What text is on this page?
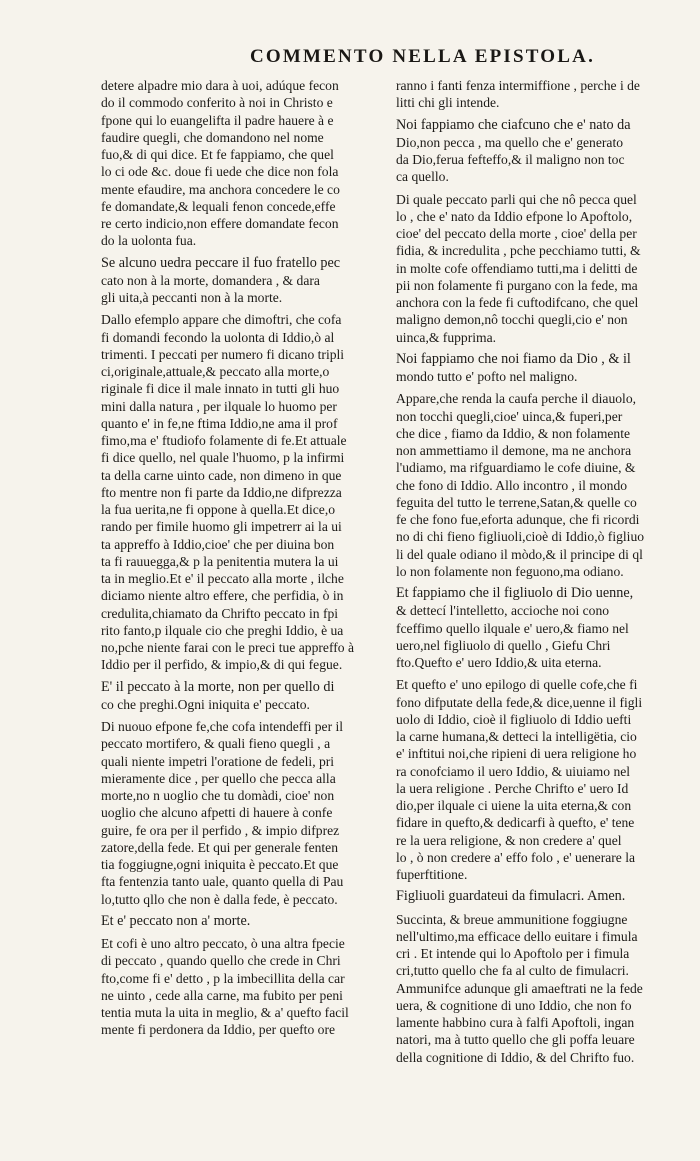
COMMENTO NELLA EPISTOLA.
detere alpadre mio dara à uoi, adúque fecon
do il commodo conferito à noi in Christo e
fpone qui lo euangelifta il padre hauere à e
faudire quegli, che domandono nel nome
fuo,& di qui dice. Et fe fappiamo, che quel
lo ci ode &c. doue fi uede che dice non fola
mente efaudire, ma anchora concedere le co
fe domandate,& lequali fenon concede,effe
re certo indicio,non effere domandate fecon
do la uolonta fua.
Se alcuno uedra peccare il fuo fratello pec
cato non à la morte, domandera , & dara
gli uita,à peccanti non à la morte.
Dallo efemplo appare che dimoftri, che cofa
fi domandi fecondo la uolonta di Iddio,ò al
trimenti. I peccati per numero fi dicano tripli
ci,originale,attuale,& peccato alla morte,o
riginale fi dice il male innato in tutti gli huo
mini dalla natura , per ilquale lo huomo per
quanto e' in fe,ne ftima Iddio,ne ama il prof
fimo,ma e' ftudiofo folamente di fe.Et attuale
fi dice quello, nel quale l'huomo, p la infirmi
ta della carne uinto cade, non dimeno in que
fto mentre non fi parte da Iddio,ne difprezza
la fua uerita,ne fi oppone à quella.Et dice,o
rando per fimile huomo gli impetrerr ai la ui
ta appreffo à Iddio,cioe' che per diuina bon
ta fi rauuegga,& p la penitentia mutera la ui
ta in meglio.Et e' il peccato alla morte , ilche
diciamo niente altro effere, che perfidia, ò in
credulita,chiamato da Chrifto peccato in fpi
rito fanto,p ilquale cio che preghi Iddio, è ua
no,pche niente farai con le preci tue appreffo à
Iddio per il perfido, & impio,& di qui fegue.
E' il peccato à la morte, non per quello di
co che preghi.Ogni iniquita e' peccato.
Di nuouo efpone fe,che cofa intendeffi per il
peccato mortifero, & quali fieno quegli , a
quali niente impetri l'oratione de fedeli, pri
mieramente dice , per quello che pecca alla
morte,no n uoglio che tu domàdi, cioe' non
uoglio che alcuno afpetti di hauere à confe
guire, fe ora per il perfido , & impio difprez
zatore,della fede. Et qui per generale fenten
tia foggiugne,ogni iniquita è peccato.Et que
fta fentenzia tanto uale, quanto quella di Pau
lo,tutto qllo che non è dalla fede, è peccato.
Et e' peccato non a' morte.
Et cofi è uno altro peccato, ò una altra fpecie
di peccato , quando quello che crede in Chri
fto,come fi e' detto , p la imbecillita della car
ne uinto , cede alla carne, ma fubito per peni
tentia muta la uita in meglio, & a' quefto facil
mente fi perdonera da Iddio, per quefto ore
ranno i fanti fenza intermiffione , perche i de
litti chi gli intende.
Noi fappiamo che ciafcuno che e' nato da
Dio,non pecca , ma quello che e' generato
da Dio,ferua fefteffo,& il maligno non toc
ca quello.
Di quale peccato parli qui che nô pecca quel
lo , che e' nato da Iddio efpone lo Apoftolo,
cioe' del peccato della morte , cioe' della per
fidia, & incredulita , pche pecchiamo tutti, &
in molte cofe offendiamo tutti,ma i delitti de
pii non folamente fi purgano con la fede, ma
anchora con la fede fi cuftodifcano, che quel
maligno demon,nô tocchi quegli,cio e' non
uinca,& fupprima.
Noi fappiamo che noi fiamo da Dio , & il
mondo tutto e' pofto nel maligno.
Appare,che renda la caufa perche il diauolo,
non tocchi quegli,cioe' uinca,& fuperi,per
che dice , fiamo da Iddio, & non folamente
non ammettiamo il demone, ma ne anchora
l'udiamo, ma rifguardiamo le cofe diuine, &
che fono di Iddio. Allo incontro , il mondo
feguita del tutto le terrene,Satan,& quelle co
fe che fono fue,eforta adunque, che fi ricordi
no di chi fieno figliuoli,cioè di Iddio,ò figliuo
li del quale odiano il mòdo,& il principe di ql
lo non folamente non feguono,ma odiano.
Et fappiamo che il figliuolo di Dio uenne,
& dettecí l'intelletto, accioche noi cono
fceffimo quello ilquale e' uero,& fiamo nel
uero,nel figliuolo di quello , Giefu Chri
fto.Quefto e' uero Iddio,& uita eterna.
Et quefto e' uno epilogo di quelle cofe,che fi
fono difputate della fede,& dice,uenne il figli
uolo di Iddio, cioè il figliuolo di Iddio uefti
la carne humana,& detteci la intelligëtia, cio
e' inftitui noi,che ripieni di uera religione ho
ra conofciamo il uero Iddio, & uiuiamo nel
la uera religione . Perche Chrifto e' uero Id
dio,per ilquale ci uiene la uita eterna,& con
fidare in quefto,& dedicarfi à quefto, e' tene
re la uera religione, & non credere a' quel
lo , ò non credere a' effo folo , e' uenerare la
fuperftitione.
Figliuoli guardateui da fimulacri. Amen.
Succinta, & breue ammunitione foggiugne
nell'ultimo,ma efficace dello euitare i fimula
cri . Et intende qui lo Apoftolo per i fimula
cri,tutto quello che fa al culto de fimulacri.
Ammunifce adunque gli amaeftrati ne la fede
uera, & cognitione di uno Iddio, che non fo
lamente habbino cura à falfi Apoftoli, ingan
natori, ma à tutto quello che gli poffa leuare
della cognitione di Iddio, & del Chrifto fuo.
